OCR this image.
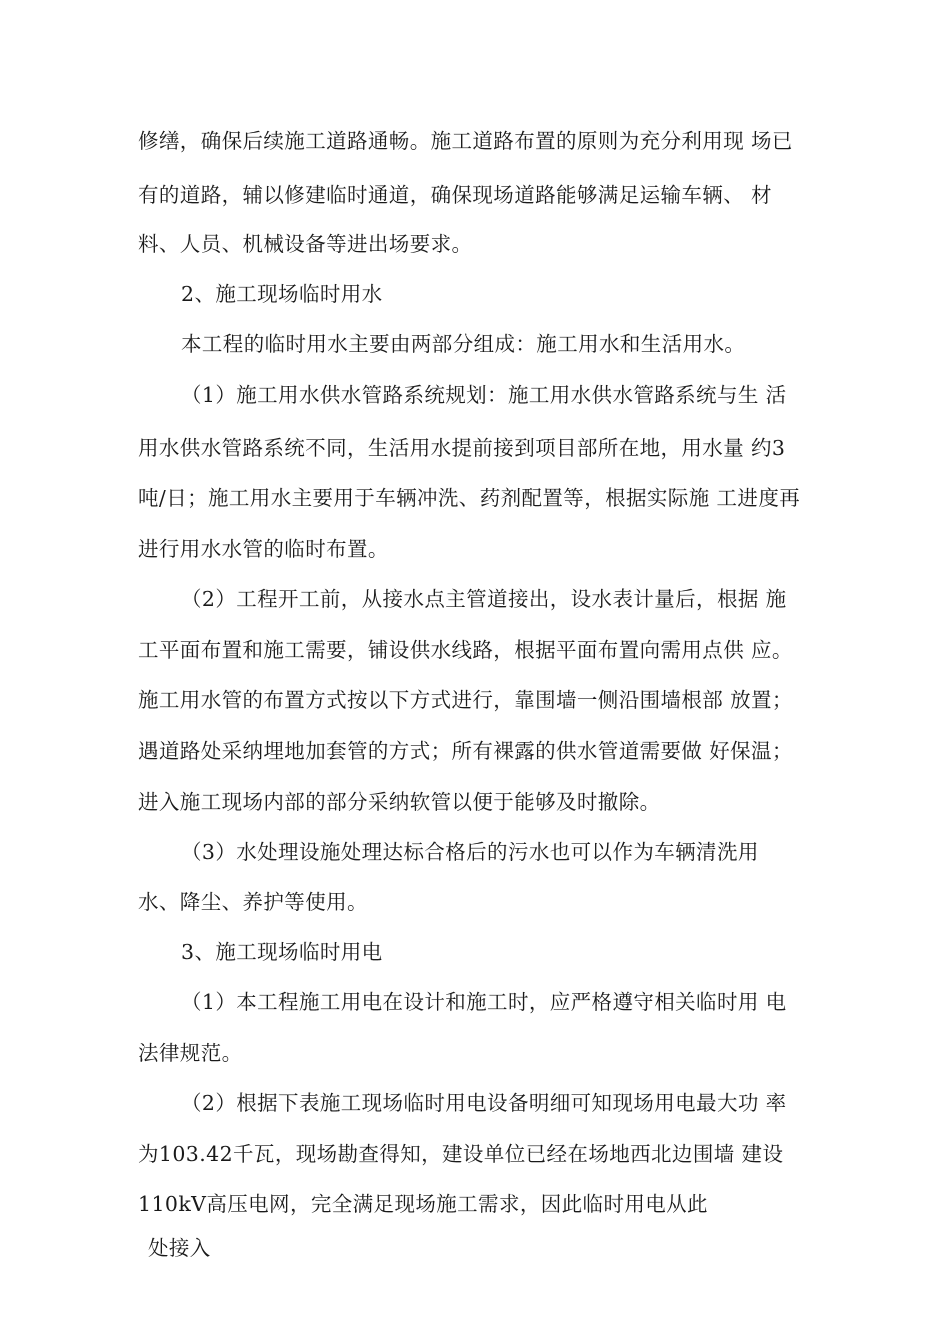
修缮，确保后续施工道路通畅。施工道路布置的原则为充分利用现 场已
有的道路，辅以修建临时通道，确保现场道路能够满足运输车辆、 材
料、人员、机械设备等进出场要求。
2、施工现场临时用水
本工程的临时用水主要由两部分组成：施工用水和生活用水。
（1）施工用水供水管路系统规划：施工用水供水管路系统与生 活
用水供水管路系统不同，生活用水提前接到项目部所在地，用水量 约3
吨/日；施工用水主要用于车辆冲洗、药剂配置等，根据实际施 工进度再
进行用水水管的临时布置。
（2）工程开工前，从接水点主管道接出，设水表计量后，根据 施
工平面布置和施工需要，铺设供水线路，根据平面布置向需用点供 应。
施工用水管的布置方式按以下方式进行，靠围墙一侧沿围墙根部 放置；
遇道路处采纳埋地加套管的方式；所有裸露的供水管道需要做 好保温；
进入施工现场内部的部分采纳软管以便于能够及时撤除。
（3）水处理设施处理达标合格后的污水也可以作为车辆清洗用
水、降尘、养护等使用。
3、施工现场临时用电
（1）本工程施工用电在设计和施工时，应严格遵守相关临时用 电
法律规范。
（2）根据下表施工现场临时用电设备明细可知现场用电最大功 率
为103.42千瓦，现场勘查得知，建设单位已经在场地西北边围墙 建设
110kV高压电网，完全满足现场施工需求，因此临时用电从此
处接入
